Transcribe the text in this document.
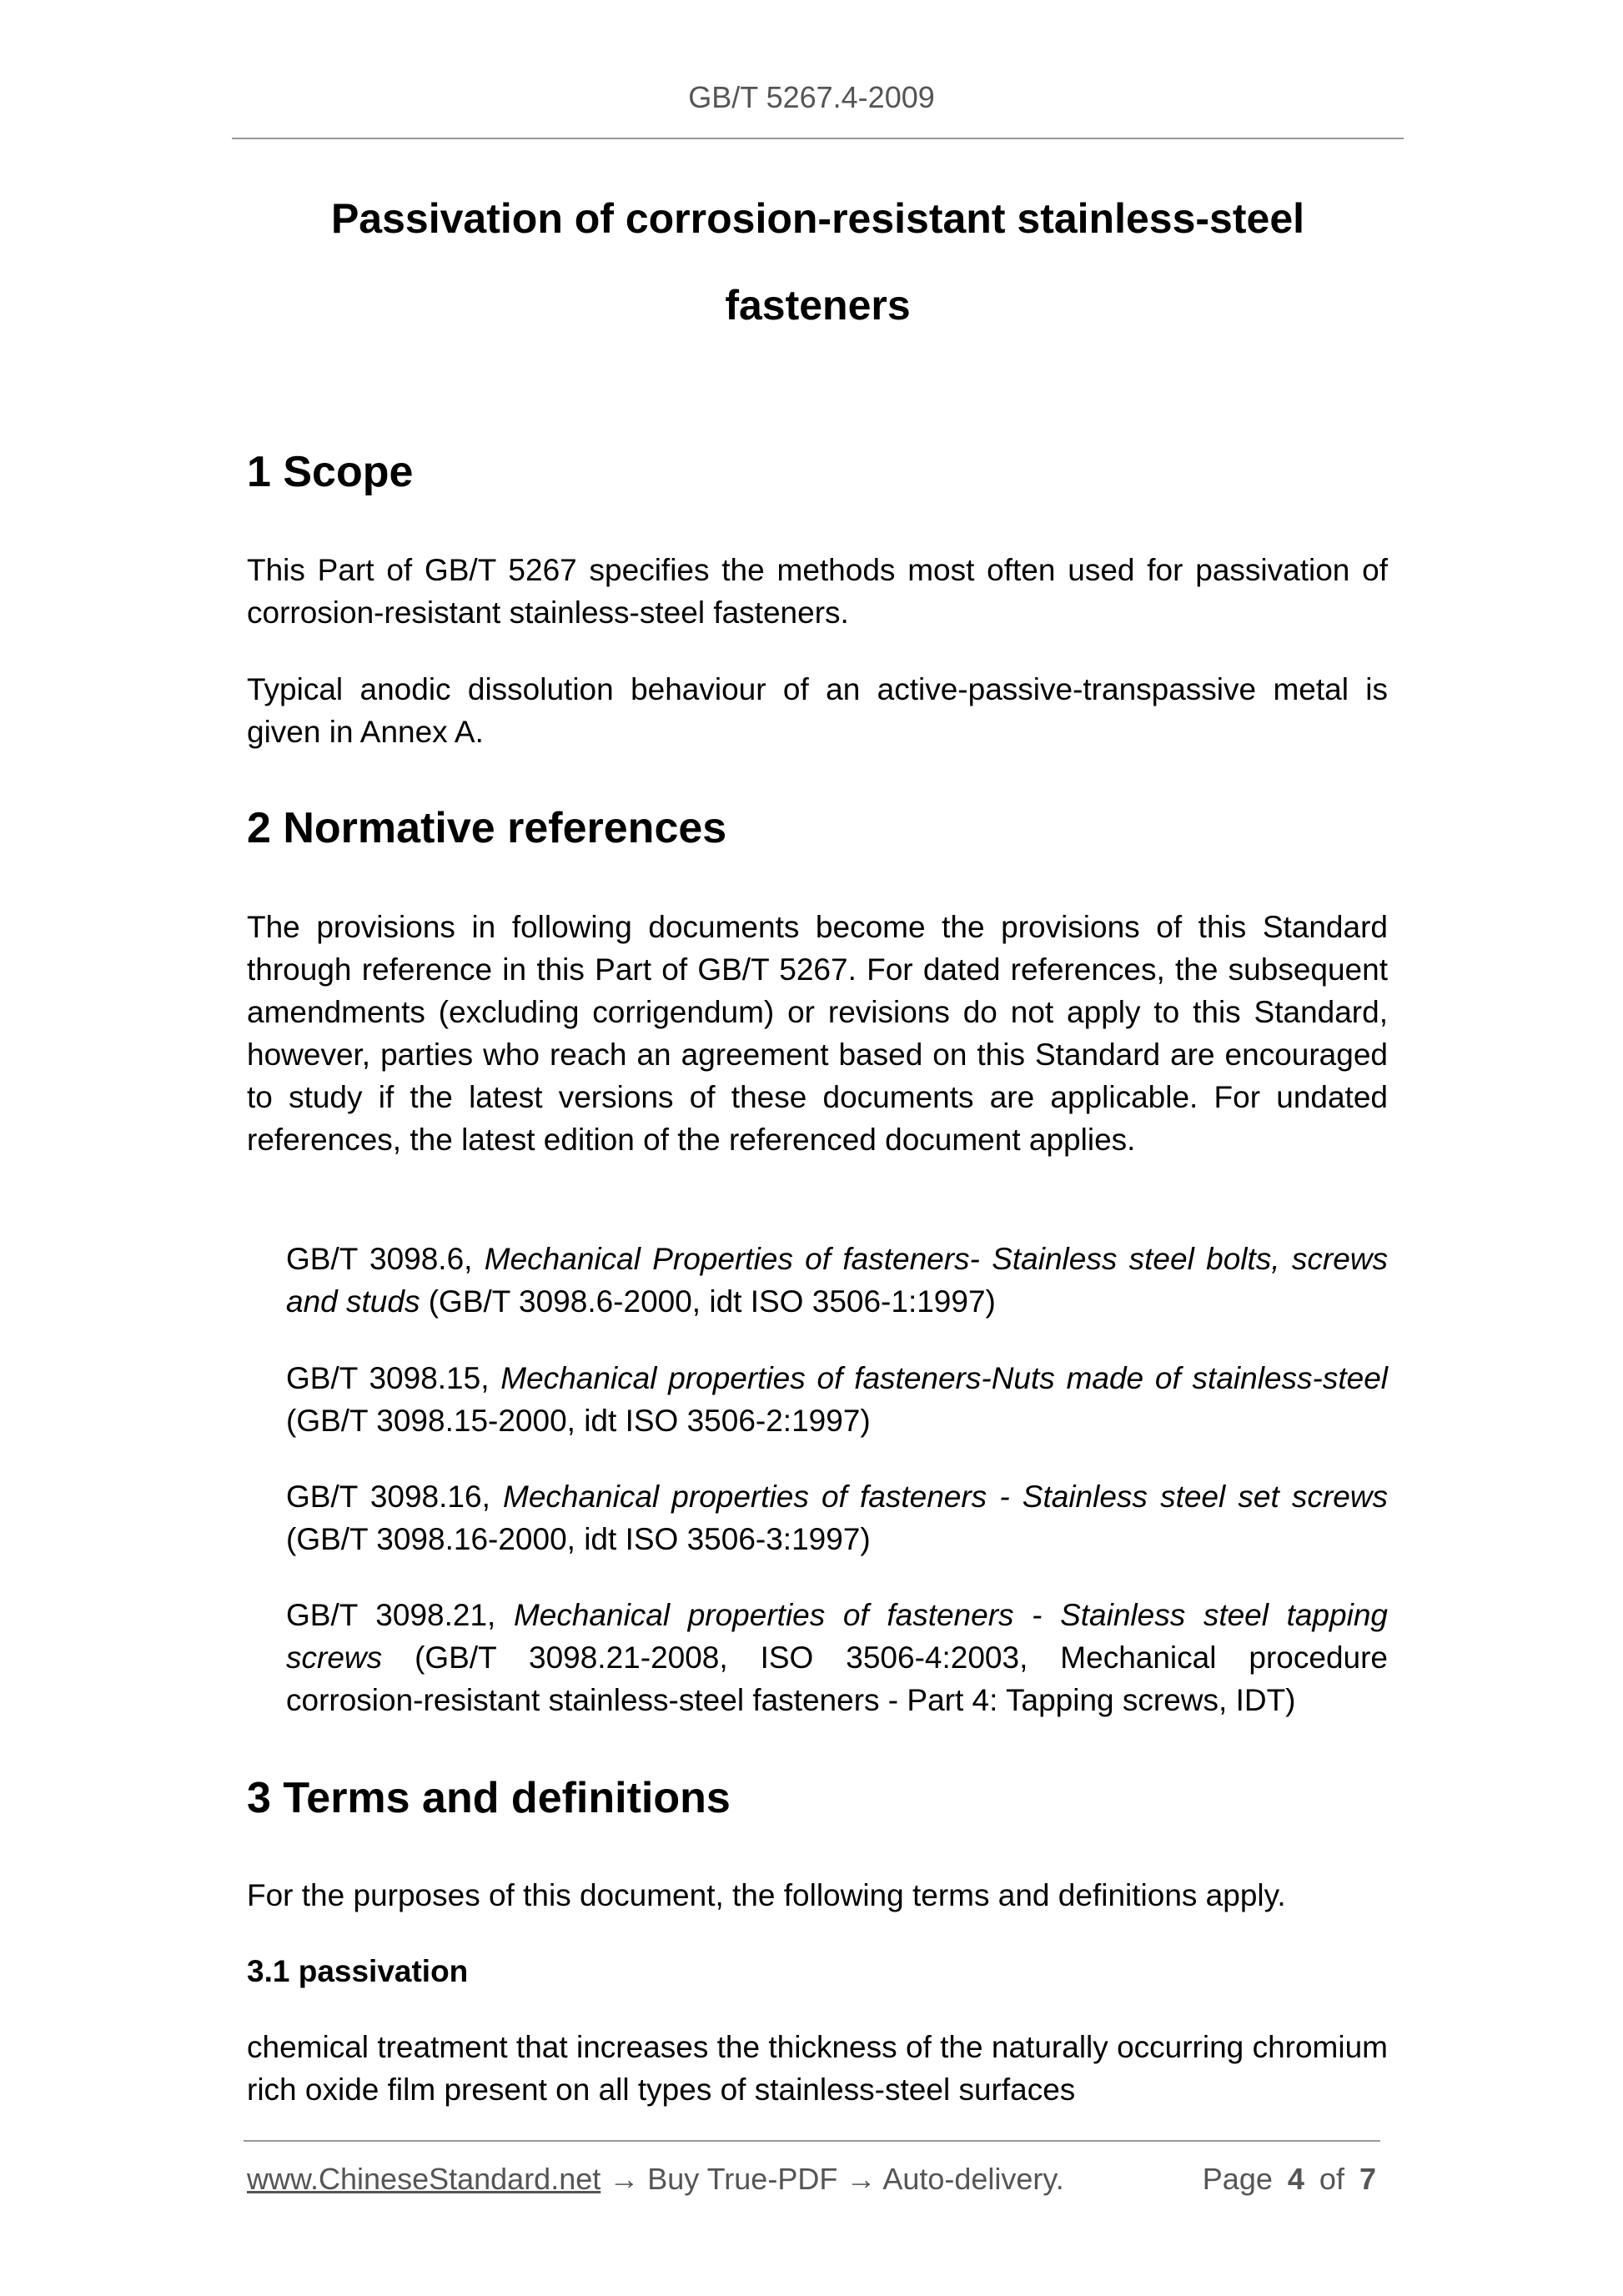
GB/T 5267.4-2009
Passivation of corrosion-resistant stainless-steel
fasteners
1 Scope
This Part of GB/T 5267 specifies the methods most often used for passivation of corrosion-resistant stainless-steel fasteners.
Typical anodic dissolution behaviour of an active-passive-transpassive metal is given in Annex A.
2 Normative references
The provisions in following documents become the provisions of this Standard through reference in this Part of GB/T 5267. For dated references, the subsequent amendments (excluding corrigendum) or revisions do not apply to this Standard, however, parties who reach an agreement based on this Standard are encouraged to study if the latest versions of these documents are applicable. For undated references, the latest edition of the referenced document applies.
GB/T 3098.6, Mechanical Properties of fasteners- Stainless steel bolts, screws and studs (GB/T 3098.6-2000, idt ISO 3506-1:1997)
GB/T 3098.15, Mechanical properties of fasteners-Nuts made of stainless-steel (GB/T 3098.15-2000, idt ISO 3506-2:1997)
GB/T 3098.16, Mechanical properties of fasteners - Stainless steel set screws (GB/T 3098.16-2000, idt ISO 3506-3:1997)
GB/T 3098.21, Mechanical properties of fasteners - Stainless steel tapping screws (GB/T 3098.21-2008, ISO 3506-4:2003, Mechanical procedure corrosion-resistant stainless-steel fasteners - Part 4: Tapping screws, IDT)
3 Terms and definitions
For the purposes of this document, the following terms and definitions apply.
3.1 passivation
chemical treatment that increases the thickness of the naturally occurring chromium rich oxide film present on all types of stainless-steel surfaces
www.ChineseStandard.net → Buy True-PDF → Auto-delivery.	Page 4 of 7
